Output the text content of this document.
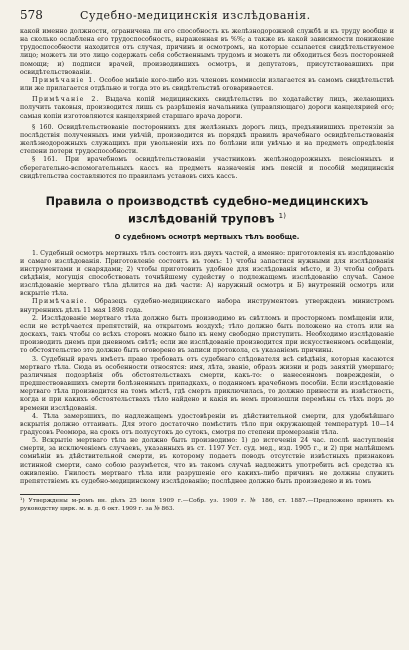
578	Судебно-медицинскія изслѣдованія.

какой именно должности, ограничена ли его способность къ желѣзнодорожной службѣ и къ труду вообще и на сколько ослаблена его трудоспособность, выраженная въ %%; а также въ какой зависимости понижение трудоспособности находится отъ случая, причинъ и осмотромъ, на которые ссылается свидѣтельствуемое лицо; можетъ ли это лицо содержать себя собственнымъ трудомъ и можетъ ли обходиться безъ посторонней помощи; и) подписи врачей, производившихъ осмотръ, и депутатовъ, присутствовавшихъ при освидѣтельствованіи.

Примѣчаніе 1. Особое мнѣніе кого-либо изъ членовъ коммиссіи излагается въ самомъ свидѣтельствѣ или же прилагается отдѣльно и тогда это въ свидѣтельствѣ оговаривается.

Примѣчаніе 2. Выдача копій медицинскихъ свидѣтельствъ по ходатайству лицъ, желающихъ получить таковыя, производится лишь съ разрѣшенія начальника (управляющаго) дороги канцелярией его; самыя копіи изготовляются канцелярией старшаго врача дороги.

§ 160. Освидѣтельствованіе постороннихъ для желѣзныхъ дорогъ лицъ, предъявившихъ претензіи за послѣдствія полученныхъ ими увѣчій, производится въ порядкѣ правилъ врачебнаго освидѣтельствованія желѣзнодорожныхъ служащихъ при увольненіи ихъ по болѣзни или увѣчью и на предметъ опредѣленія степени потери трудоспособности.

§ 161. При врачебномъ освидѣтельствованіи участниковъ желѣзнодорожныхъ пенсіонныхъ и сберегательно-вспомогательныхъ кассъ на предметъ назначенія имъ пенсій и пособій медицинскія свидѣтельства составляются по правиламъ уставовъ сихъ кассъ.

Правила о производствѣ судебно-медицинскихъ изслѣдованій труповъ $^{1)}$
О судебномъ осмотрѣ мертвыхъ тѣлъ вообще.

1. Судебный осмотръ мертвыхъ тѣлъ состоитъ изъ двухъ частей, а именно: приготовленія къ изслѣдованію и самаго изслѣдованія. Приготовленіе состоитъ въ томъ: 1) чтобы запастися нужными для изслѣдованія инструментами и снарядами; 2) чтобы приготовить удобное для изслѣдованія мѣсто, и 3) чтобы собрать свѣдѣнія, могущія способствовать точнѣйшему судейству о подлежащемъ изслѣдованію случаѣ. Самое изслѣдованіе мертваго тѣла дѣлится на двѣ части: А) наружный осмотръ и Б) внутренній осмотръ или вскрытіе тѣла.

Примѣчаніе. Образецъ судебно-медицинскаго набора инструментовъ утвержденъ министромъ внутреннихъ дѣлъ 11 мая 1898 года.

2. Изслѣдованіе мертваго тѣла должно быть производимо въ свѣтломъ и просторномъ помѣщеніи или, если не встрѣчается препятствій, на открытомъ воздухѣ; тѣло должно быть положено на столъ или на доскахъ, такъ чтобы со всѣхъ сторонъ можно было къ нему свободно приступить. Необходимо изслѣдованіе производить днемъ при дневномъ свѣтѣ; если же изслѣдованіе производится при искусственномъ освѣщеніи, то обстоятельство это должно быть оговорено въ записи протокола, съ указаніемъ причины.

3. Судебный врачъ имѣетъ право требовать отъ судебнаго слѣдователя всѣ свѣдѣнія, которыя касаются мертваго тѣла. Сюда въ особенности относятся: имя, лѣта, званіе, образъ жизни и родъ занятій умершаго; различныя подозрѣнія объ обстоятельствахъ смерти, какъ-то: о нанесенномъ поврежденіи, о предшествовавшихъ смерти болѣзненныхъ припадкахъ, о поданномъ врачебномъ пособіи. Если изслѣдованіе мертваго тѣла производится на томъ мѣстѣ, гдѣ смерть приключилась, то должно принести въ извѣстность, когда и при какихъ обстоятельствахъ тѣло найдено и какія въ немъ произошли перемѣны съ тѣхъ поръ до времени изслѣдованія.

4. Тѣла замерзшихъ, по надлежащемъ удостовѣреніи въ дѣйствительной смерти, для удобнѣйшаго вскрытія должно оттаивать. Для этого достаточно помѣстить тѣло при окружающей температурѣ 10—14 градусовъ Реомюра, на срокъ отъ полусутокъ до сутокъ, смотря по степени промерзанія тѣла.

5. Вскрытіе мертваго тѣла не должно быть производимо: 1) до истеченія 24 час. послѣ наступленія смерти, за исключеніемъ случаевъ, указанныхъ въ ст. 1197 Уст. суд. мед., изд. 1905 г., и 2) при малѣйшемъ сомнѣніи въ дѣйствительной смерти, въ которому подаетъ поводъ отсутствіе извѣстныхъ признаковъ истинной смерти, само собою разумѣется, что въ такомъ случаѣ надлежитъ употребить всѣ средства къ оживленію. Гнилость мертваго тѣла или разрушеніе его какихъ-либо причинъ не должны служить препятствіемъ къ судебно-медицинскому изслѣдованію; послѣднее должно быть произведено и въ томъ

¹) Утверждены м-ромъ вн. дѣлъ 25 іюля 1909 г.—Собр. уз. 1909 г. № 186, ст. 1887.—Предложено принять къ руководству цирк. м. в. д. 6 окт. 1909 г. за № 863.
